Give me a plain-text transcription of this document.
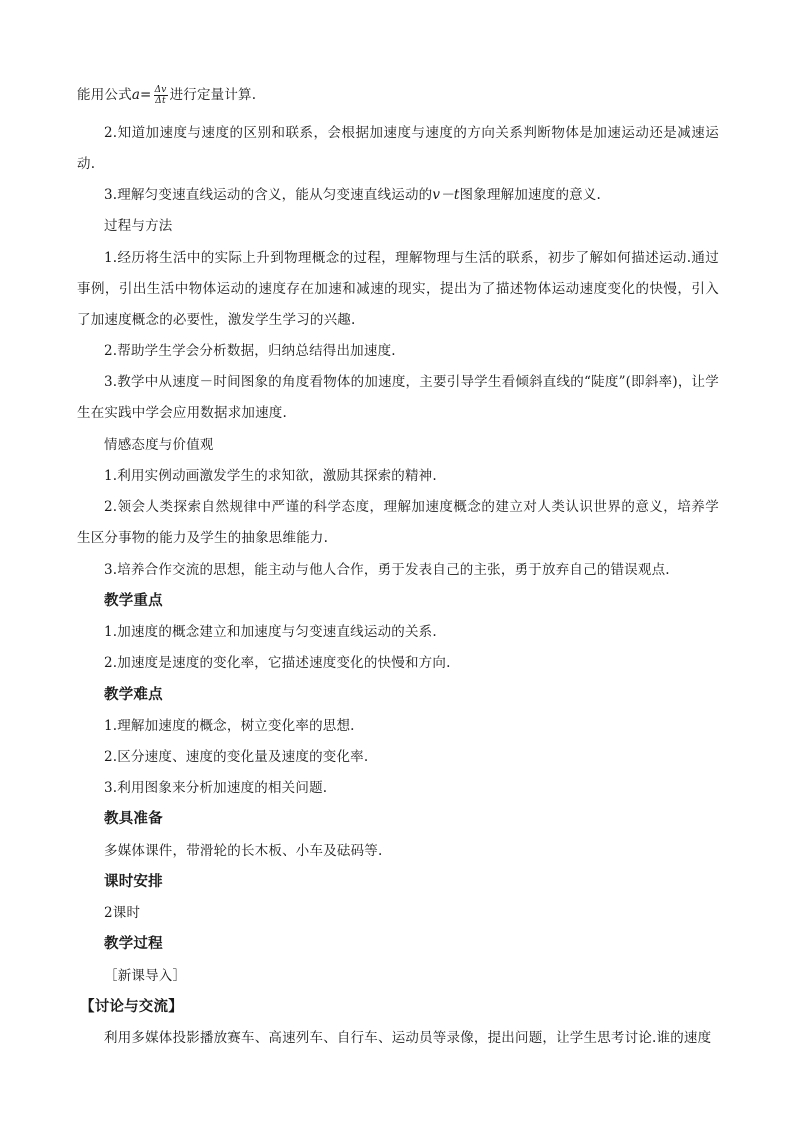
能用公式$a= \frac{\Delta v}{\Delta t}$ 进行定量计算.

2.知道加速度与速度的区别和联系，会根据加速度与速度的方向关系判断物体是加速运动还是减速运动.

3.理解匀变速直线运动的含义，能从匀变速直线运动的v－t图象理解加速度的意义.

过程与方法

1.经历将生活中的实际上升到物理概念的过程，理解物理与生活的联系，初步了解如何描述运动.通过事例，引出生活中物体运动的速度存在加速和减速的现实，提出为了描述物体运动速度变化的快慢，引入了加速度概念的必要性，激发学生学习的兴趣.

2.帮助学生学会分析数据，归纳总结得出加速度.

3.教学中从速度－时间图象的角度看物体的加速度，主要引导学生看倾斜直线的“陡度”(即斜率)，让学生在实践中学会应用数据求加速度.

情感态度与价值观

1.利用实例动画激发学生的求知欲，激励其探索的精神.

2.领会人类探索自然规律中严谨的科学态度，理解加速度概念的建立对人类认识世界的意义，培养学生区分事物的能力及学生的抽象思维能力.

3.培养合作交流的思想，能主动与他人合作，勇于发表自己的主张，勇于放弃自己的错误观点.

教学重点

1.加速度的概念建立和加速度与匀变速直线运动的关系.

2.加速度是速度的变化率，它描述速度变化的快慢和方向.

教学难点

1.理解加速度的概念，树立变化率的思想.

2.区分速度、速度的变化量及速度的变化率.

3.利用图象来分析加速度的相关问题.

教具准备

多媒体课件，带滑轮的长木板、小车及砝码等.

课时安排

2课时

教学过程

［新课导入］

【讨论与交流】

利用多媒体投影播放赛车、高速列车、自行车、运动员等录像，提出问题，让学生思考讨论.谁的速度
